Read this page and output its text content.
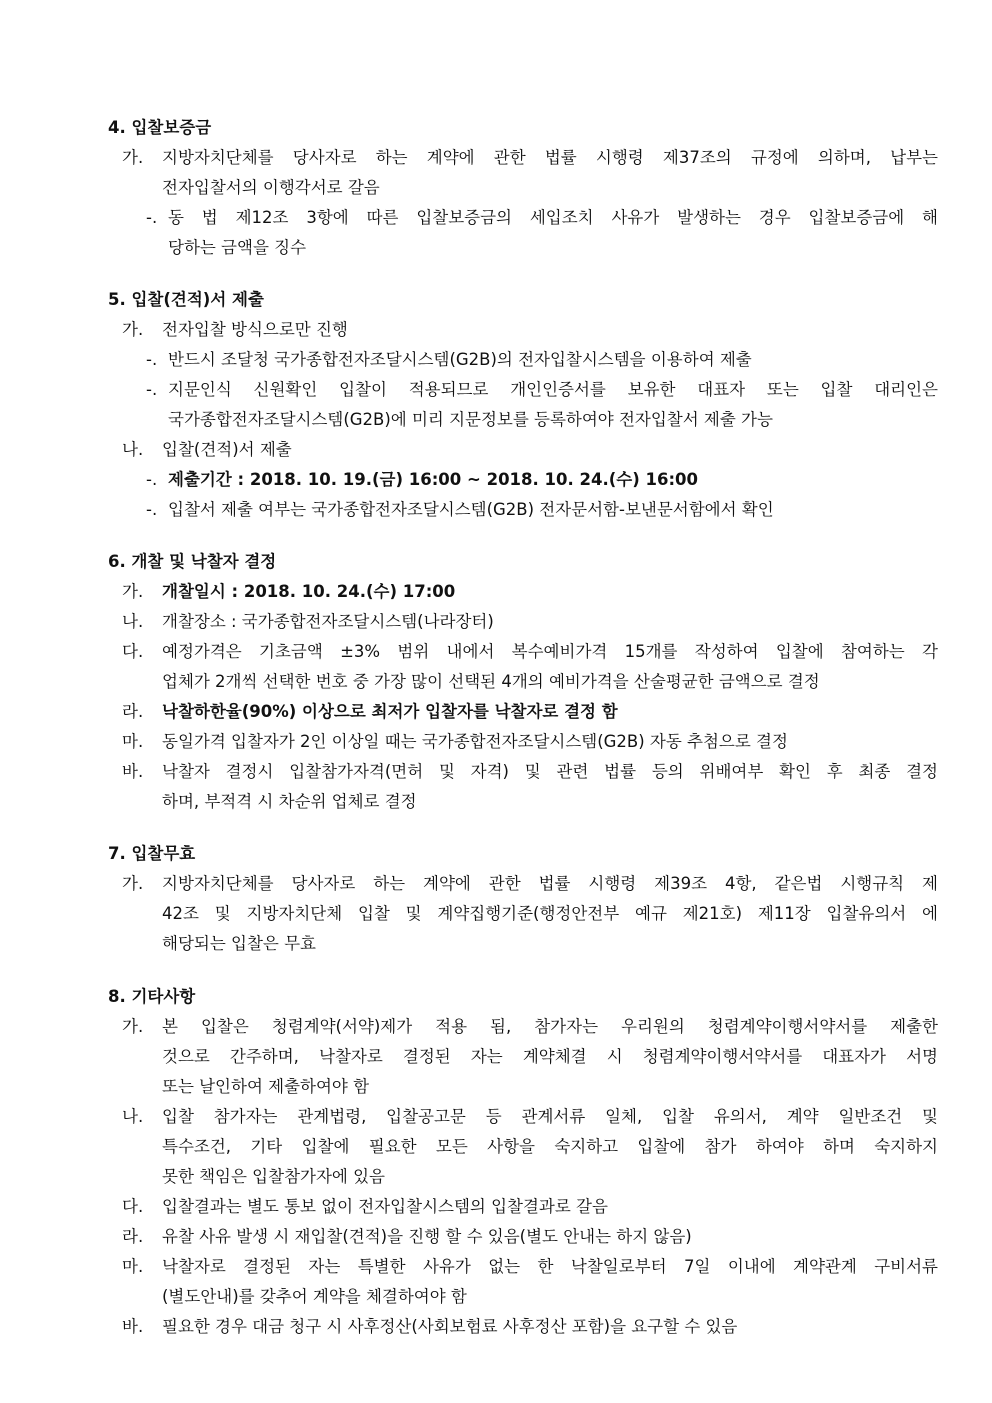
4. 입찰보증금
가. 지방자치단체를 당사자로 하는 계약에 관한 법률 시행령 제37조의 규정에 의하며, 납부는
전자입찰서의 이행각서로 갈음
-. 동 법 제12조 3항에 따른 입찰보증금의 세입조치 사유가 발생하는 경우 입찰보증금에 해
당하는 금액을 징수
5. 입찰(견적)서 제출
가. 전자입찰 방식으로만 진행
-. 반드시 조달청 국가종합전자조달시스템(G2B)의 전자입찰시스템을 이용하여 제출
-. 지문인식 신원확인 입찰이 적용되므로 개인인증서를 보유한 대표자 또는 입찰 대리인은
국가종합전자조달시스템(G2B)에 미리 지문정보를 등록하여야 전자입찰서 제출 가능
나. 입찰(견적)서 제출
-. 제출기간 : 2018. 10. 19.(금) 16:00 ~ 2018. 10. 24.(수) 16:00
-. 입찰서 제출 여부는 국가종합전자조달시스템(G2B) 전자문서함-보낸문서함에서 확인
6. 개찰 및 낙찰자 결정
가. 개찰일시 : 2018. 10. 24.(수) 17:00
나. 개찰장소 : 국가종합전자조달시스템(나라장터)
다. 예정가격은 기초금액 ±3% 범위 내에서 복수예비가격 15개를 작성하여 입찰에 참여하는 각
업체가 2개씩 선택한 번호 중 가장 많이 선택된 4개의 예비가격을 산술평균한 금액으로 결정
라. 낙찰하한율(90%) 이상으로 최저가 입찰자를 낙찰자로 결정 함
마. 동일가격 입찰자가 2인 이상일 때는 국가종합전자조달시스템(G2B) 자동 추첨으로 결정
바. 낙찰자 결정시 입찰참가자격(면허 및 자격) 및 관련 법률 등의 위배여부 확인 후 최종 결정
하며, 부적격 시 차순위 업체로 결정
7. 입찰무효
가. 지방자치단체를 당사자로 하는 계약에 관한 법률 시행령 제39조 4항, 같은법 시행규칙 제
42조 및 지방자치단체 입찰 및 계약집행기준(행정안전부 예규 제21호) 제11장 입찰유의서 에
해당되는 입찰은 무효
8. 기타사항
가. 본 입찰은 청렴계약(서약)제가 적용 됨, 참가자는 우리원의 청렴계약이행서약서를 제출한
것으로 간주하며, 낙찰자로 결정된 자는 계약체결 시 청렴계약이행서약서를 대표자가 서명
또는 날인하여 제출하여야 함
나. 입찰 참가자는 관계법령, 입찰공고문 등 관계서류 일체, 입찰 유의서, 계약 일반조건 및
특수조건, 기타 입찰에 필요한 모든 사항을 숙지하고 입찰에 참가 하여야 하며 숙지하지
못한 책임은 입찰참가자에 있음
다. 입찰결과는 별도 통보 없이 전자입찰시스템의 입찰결과로 갈음
라. 유찰 사유 발생 시 재입찰(견적)을 진행 할 수 있음(별도 안내는 하지 않음)
마. 낙찰자로 결정된 자는 특별한 사유가 없는 한 낙찰일로부터 7일 이내에 계약관계 구비서류
(별도안내)를 갖추어 계약을 체결하여야 함
바. 필요한 경우 대금 청구 시 사후정산(사회보험료 사후정산 포함)을 요구할 수 있음
